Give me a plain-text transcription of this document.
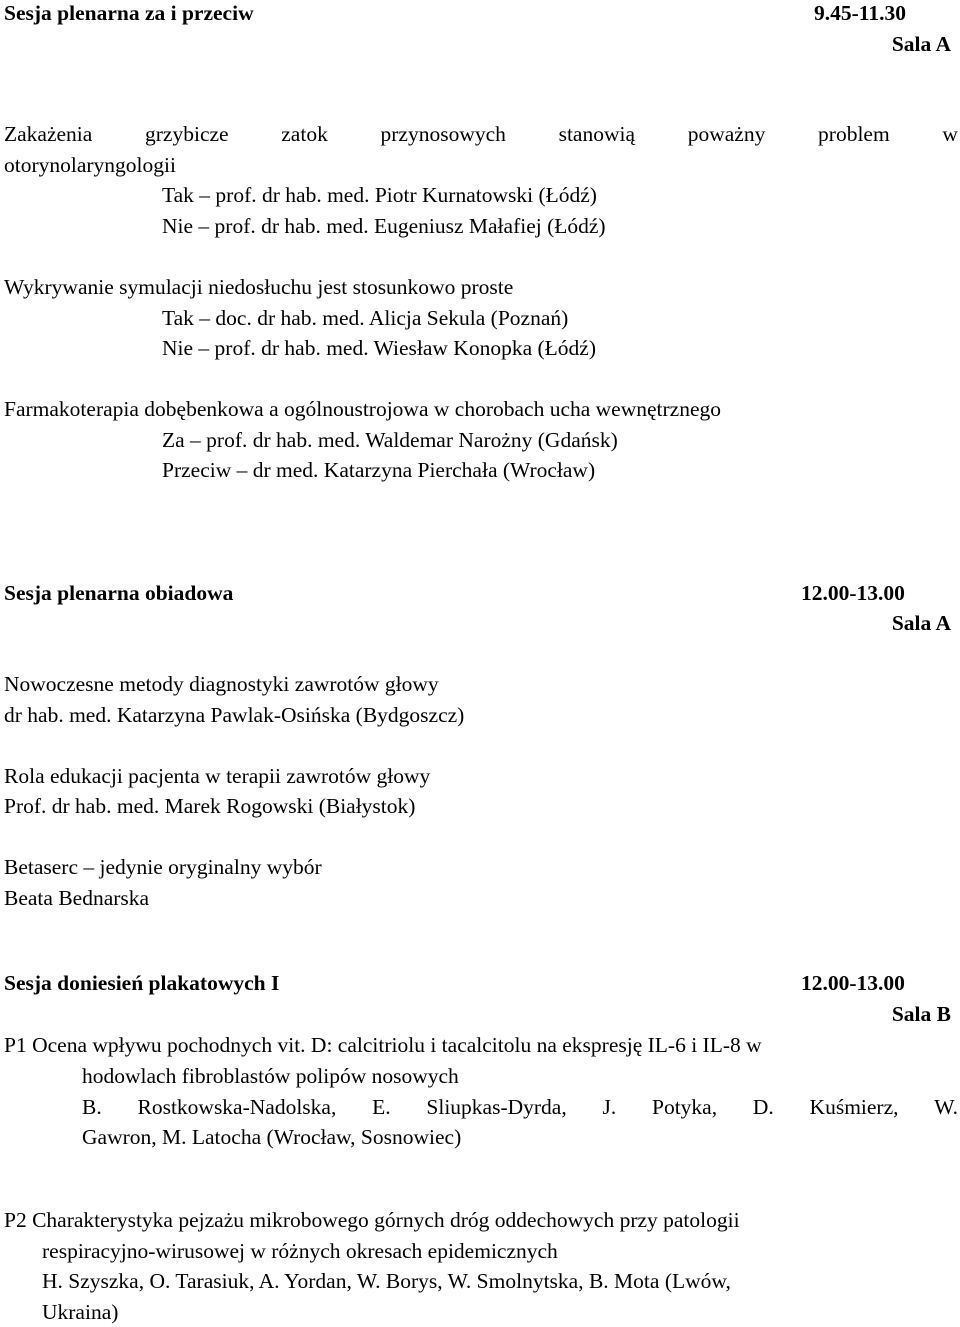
Sesja plenarna za i przeciw	9.45-11.30
Sala A
Zakażenia grzybicze zatok przynosowych stanowią poważny problem w
otorynolaryngologii
Tak – prof. dr hab. med. Piotr Kurnatowski (Łódź)
Nie – prof. dr hab. med. Eugeniusz Małafiej (Łódź)
Wykrywanie symulacji niedosłuchu jest stosunkowo proste
Tak – doc. dr hab. med. Alicja Sekula (Poznań)
Nie – prof. dr hab. med. Wiesław Konopka (Łódź)
Farmakoterapia dobębenkowa a ogólnoustrojowa w chorobach ucha wewnętrznego
Za – prof. dr hab. med. Waldemar Narożny (Gdańsk)
Przeciw – dr med. Katarzyna Pierchała (Wrocław)
Sesja plenarna obiadowa	12.00-13.00
Sala A
Nowoczesne metody diagnostyki zawrotów głowy
dr hab. med. Katarzyna Pawlak-Osińska (Bydgoszcz)
Rola edukacji pacjenta w terapii zawrotów głowy
Prof. dr hab. med. Marek Rogowski (Białystok)
Betaserc – jedynie oryginalny wybór
Beata Bednarska
Sesja doniesień plakatowych I	12.00-13.00
Sala B
P1 Ocena wpływu pochodnych vit. D: calcitriolu i tacalcitolu na ekspresję IL-6 i IL-8 w
hodowlach fibroblastów polipów nosowych
B. Rostkowska-Nadolska, E. Sliupkas-Dyrda, J. Potyka, D. Kuśmierz, W.
Gawron, M. Latocha (Wrocław, Sosnowiec)
P2 Charakterystyka pejzażu mikrobowego górnych dróg oddechowych przy patologii
respiracyjno-wirusowej w różnych okresach epidemicznych
H. Szyszka, O. Tarasiuk, A. Yordan, W. Borys, W. Smolnytska, B. Mota (Lwów,
Ukraina)
